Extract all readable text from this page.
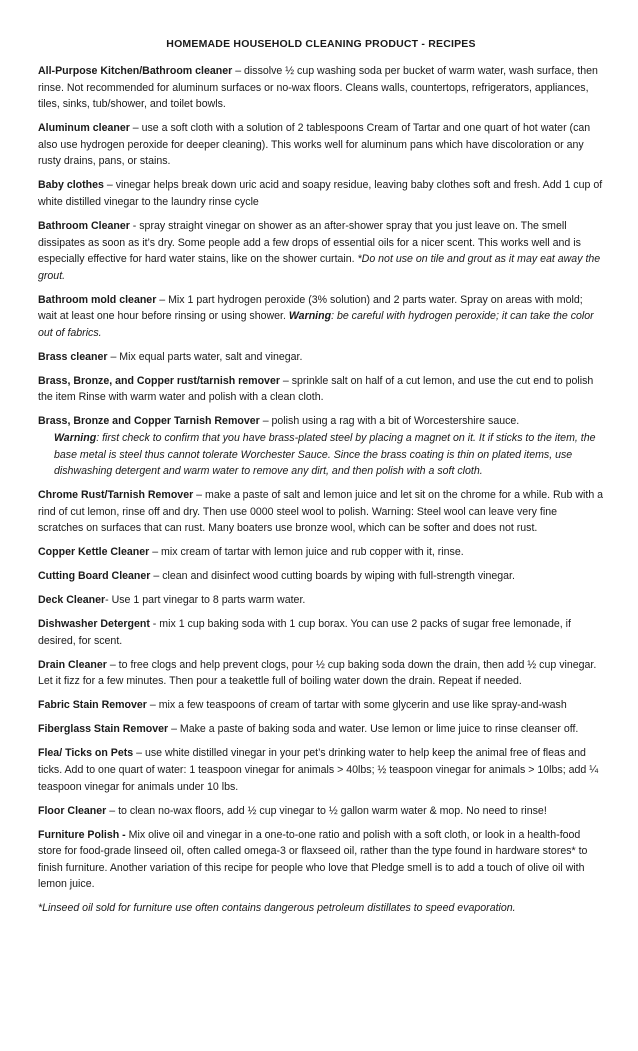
HOMEMADE HOUSEHOLD CLEANING PRODUCT - RECIPES

All-Purpose Kitchen/Bathroom cleaner – dissolve ½ cup washing soda per bucket of warm water, wash surface, then rinse. Not recommended for aluminum surfaces or no-wax floors. Cleans walls, countertops, refrigerators, appliances, tiles, sinks, tub/shower, and toilet bowls.

Aluminum cleaner – use a soft cloth with a solution of 2 tablespoons Cream of Tartar and one quart of hot water (can also use hydrogen peroxide for deeper cleaning). This works well for aluminum pans which have discoloration or any rusty drains, pans, or stains.

Baby clothes – vinegar helps break down uric acid and soapy residue, leaving baby clothes soft and fresh. Add 1 cup of white distilled vinegar to the laundry rinse cycle

Bathroom Cleaner - spray straight vinegar on shower as an after-shower spray that you just leave on. The smell dissipates as soon as it’s dry. Some people add a few drops of essential oils for a nicer scent. This works well and is especially effective for hard water stains, like on the shower curtain. *Do not use on tile and grout as it may eat away the grout.

Bathroom mold cleaner – Mix 1 part hydrogen peroxide (3% solution) and 2 parts water. Spray on areas with mold; wait at least one hour before rinsing or using shower. Warning: be careful with hydrogen peroxide; it can take the color out of fabrics.

Brass cleaner – Mix equal parts water, salt and vinegar.

Brass, Bronze, and Copper rust/tarnish remover – sprinkle salt on half of a cut lemon, and use the cut end to polish the item Rinse with warm water and polish with a clean cloth.

Brass, Bronze and Copper Tarnish Remover – polish using a rag with a bit of Worcestershire sauce.
Warning: first check to confirm that you have brass-plated steel by placing a magnet on it. It if sticks to the item, the base metal is steel thus cannot tolerate Worchester Sauce. Since the brass coating is thin on plated items, use dishwashing detergent and warm water to remove any dirt, and then polish with a soft cloth.

Chrome Rust/Tarnish Remover – make a paste of salt and lemon juice and let sit on the chrome for a while. Rub with a rind of cut lemon, rinse off and dry. Then use 0000 steel wool to polish. Warning: Steel wool can leave very fine scratches on surfaces that can rust. Many boaters use bronze wool, which can be softer and does not rust.

Copper Kettle Cleaner – mix cream of tartar with lemon juice and rub copper with it, rinse.

Cutting Board Cleaner – clean and disinfect wood cutting boards by wiping with full-strength vinegar.

Deck Cleaner- Use 1 part vinegar to 8 parts warm water.

Dishwasher Detergent - mix 1 cup baking soda with 1 cup borax. You can use 2 packs of sugar free lemonade, if desired, for scent.

Drain Cleaner – to free clogs and help prevent clogs, pour ½ cup baking soda down the drain, then add ½ cup vinegar. Let it fizz for a few minutes. Then pour a teakettle full of boiling water down the drain. Repeat if needed.

Fabric Stain Remover – mix a few teaspoons of cream of tartar with some glycerin and use like spray-and-wash

Fiberglass Stain Remover – Make a paste of baking soda and water. Use lemon or lime juice to rinse cleanser off.

Flea/ Ticks on Pets – use white distilled vinegar in your pet’s drinking water to help keep the animal free of fleas and ticks. Add to one quart of water: 1 teaspoon vinegar for animals > 40lbs; ½ teaspoon vinegar for animals > 10lbs; add ¼ teaspoon vinegar for animals under 10 lbs.

Floor Cleaner – to clean no-wax floors, add ½ cup vinegar to ½ gallon warm water & mop. No need to rinse!

Furniture Polish - Mix olive oil and vinegar in a one-to-one ratio and polish with a soft cloth, or look in a health-food store for food-grade linseed oil, often called omega-3 or flaxseed oil, rather than the type found in hardware stores* to finish furniture. Another variation of this recipe for people who love that Pledge smell is to add a touch of olive oil with lemon juice.

*Linseed oil sold for furniture use often contains dangerous petroleum distillates to speed evaporation.
